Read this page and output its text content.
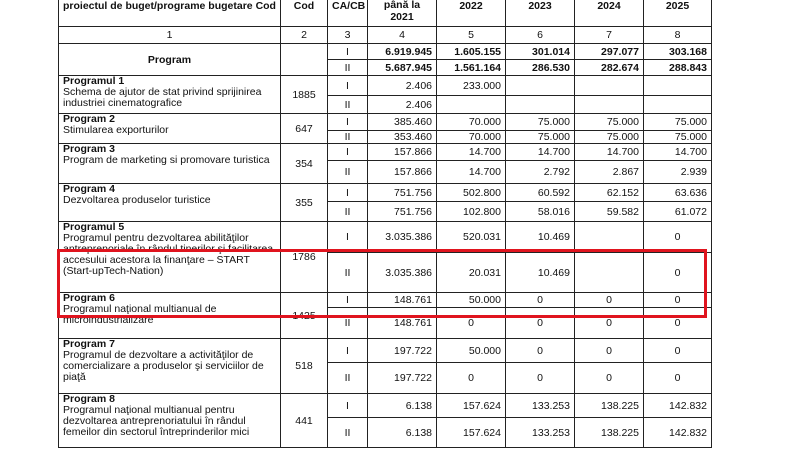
proiectul de buget/programe bugetare Cod	Cod	CA/CB	până la 2021	2022	2023	2024	2025
1	2	3	4	5	6	7	8
Program		I	6.919.945	1.605.155	301.014	297.077	303.168
		II	5.687.945	1.561.164	286.530	282.674	288.843

Programul 1
Schema de ajutor de stat privind sprijinirea industriei cinematografice	1885	I	2.406	233.000			
		II	2.406				

Program 2
Stimularea exporturilor	647	I	385.460	70.000	75.000	75.000	75.000
		II	353.460	70.000	75.000	75.000	75.000

Program 3
Program de marketing si promovare turistica	354	I	157.866	14.700	14.700	14.700	14.700
		II	157.866	14.700	2.792	2.867	2.939

Program 4
Dezvoltarea produselor turistice	355	I	751.756	502.800	60.592	62.152	63.636
		II	751.756	102.800	58.016	59.582	61.072

Programul 5
Programul pentru dezvoltarea abilităţilor antreprenoriale în rândul tinerilor şi facilitarea accesului acestora la finanţare – START (Start-upTech-Nation)	1786	I	3.035.386	520.031	10.469		0
		II	3.035.386	20.031	10.469		0

Program 6
Programul naţional multianual de microindustrializare	1425	I	148.761	50.000	0	0	0
		II	148.761	0	0	0	0

Program 7
Programul de dezvoltare a activităţilor de comercializare a produselor şi serviciilor de piaţă	518	I	197.722	50.000	0	0	0
		II	197.722	0	0	0	0

Program 8
Programul naţional multianual pentru dezvoltarea antreprenoriatului în rândul femeilor din sectorul întreprinderilor mici	441	I	6.138	157.624	133.253	138.225	142.832
		II	6.138	157.624	133.253	138.225	142.832
